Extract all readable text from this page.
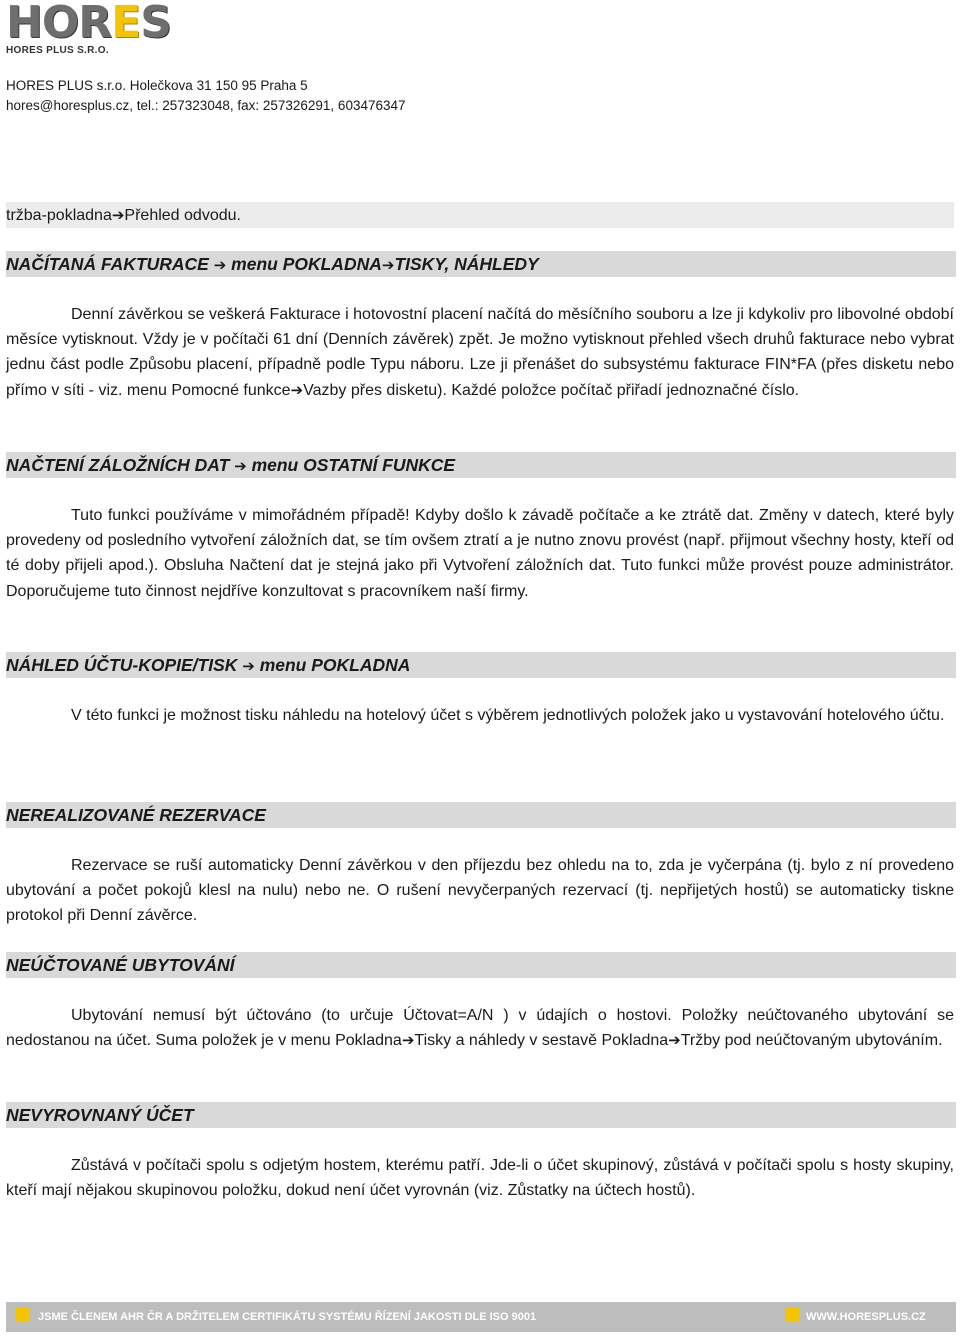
H O R E S
HORES PLUS S.R.O.
HORES PLUS s.r.o. Holečkova 31 150 95 Praha 5
hores@horesplus.cz, tel.: 257323048, fax: 257326291, 603476347
tržba-pokladna➔Přehled odvodu.
NAČÍTANÁ FAKTURACE ➔ menu POKLADNA➔TISKY, NÁHLEDY

Denní závěrkou se veškerá Fakturace i hotovostní placení načítá do měsíčního souboru a lze ji kdykoliv pro libovolné období měsíce vytisknout. Vždy je v počítači 61 dní (Denních závěrek) zpět. Je možno vytisknout přehled všech druhů fakturace nebo vybrat jednu část podle Způsobu placení, případně podle Typu náboru. Lze ji přenášet do subsystému fakturace FIN*FA (přes disketu nebo přímo v síti - viz. menu Pomocné funkce➔Vazby přes disketu). Každé položce počítač přiřadí jednoznačné číslo.

NAČTENÍ ZÁLOŽNÍCH DAT ➔ menu OSTATNÍ FUNKCE

Tuto funkci používáme v mimořádném případě! Kdyby došlo k závadě počítače a ke ztrátě dat. Změny v datech, které byly provedeny od posledního vytvoření záložních dat, se tím ovšem ztratí a je nutno znovu provést (např. přijmout všechny hosty, kteří od té doby přijeli apod.). Obsluha Načtení dat je stejná jako při Vytvoření záložních dat. Tuto funkci může provést pouze administrátor. Doporučujeme tuto činnost nejdříve konzultovat s pracovníkem naší firmy.

NÁHLED ÚČTU-KOPIE/TISK ➔ menu POKLADNA

V této funkci je možnost tisku náhledu na hotelový účet s výběrem jednotlivých položek jako u vystavování hotelového účtu.

NEREALIZOVANÉ REZERVACE

Rezervace se ruší automaticky Denní závěrkou v den příjezdu bez ohledu na to, zda je vyčerpána (tj. bylo z ní provedeno ubytování a počet pokojů klesl na nulu) nebo ne. O rušení nevyčerpaných rezervací (tj. nepřijetých hostů) se automaticky tiskne protokol při Denní závěrce.

NEÚČTOVANÉ UBYTOVÁNÍ

Ubytování nemusí být účtováno (to určuje Účtovat=A/N ) v údajích o hostovi. Položky neúčtovaného ubytování se nedostanou na účet. Suma položek je v menu Pokladna➔Tisky a náhledy v sestavě Pokladna➔Tržby pod neúčtovaným ubytováním.

NEVYROVNANÝ ÚČET

Zůstává v počítači spolu s odjetým hostem, kterému patří. Jde-li o účet skupinový, zůstává v počítači spolu s hosty skupiny, kteří mají nějakou skupinovou položku, dokud není účet vyrovnán (viz. Zůstatky na účtech hostů).

JSME ČLENEM AHR ČR A DRŽITELEM CERTIFIKÁTU SYSTÉMU ŘÍZENÍ JAKOSTI DLE ISO 9001	WWW.HORESPLUS.CZ
